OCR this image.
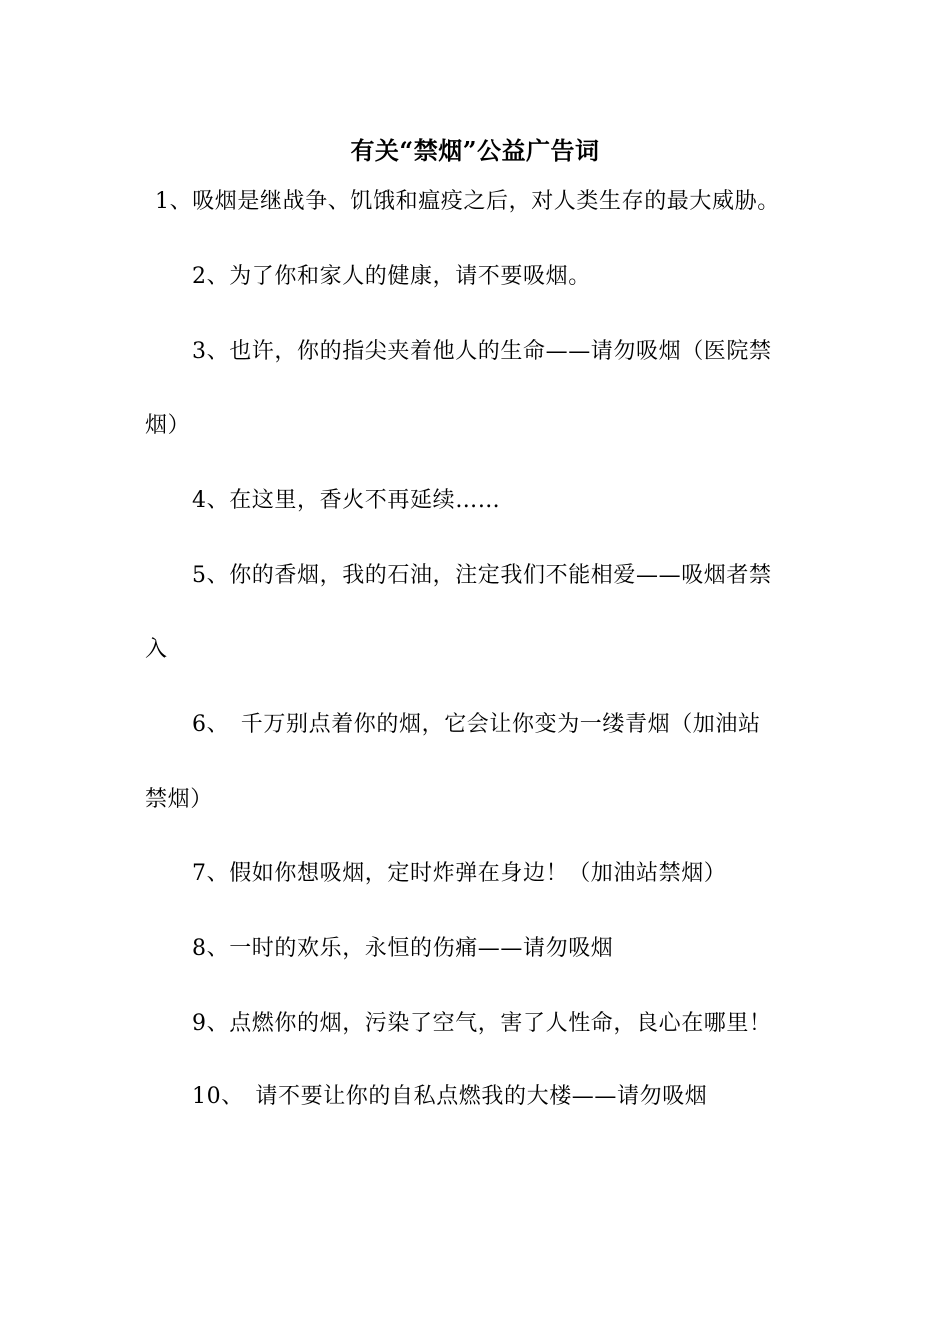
有关“禁烟”公益广告词
1、吸烟是继战争、饥饿和瘟疫之后，对人类生存的最大威胁。
2、为了你和家人的健康，请不要吸烟。
3、也许，你的指尖夹着他人的生命——请勿吸烟（医院禁
烟）
4、在这里，香火不再延续……
5、你的香烟，我的石油，注定我们不能相爱——吸烟者禁
入
6、　千万别点着你的烟，它会让你变为一缕青烟（加油站
禁烟）
7、假如你想吸烟，定时炸弹在身边！（加油站禁烟）
8、一时的欢乐，永恒的伤痛——请勿吸烟
9、点燃你的烟，污染了空气，害了人性命，良心在哪里！
10、　请不要让你的自私点燃我的大楼——请勿吸烟
